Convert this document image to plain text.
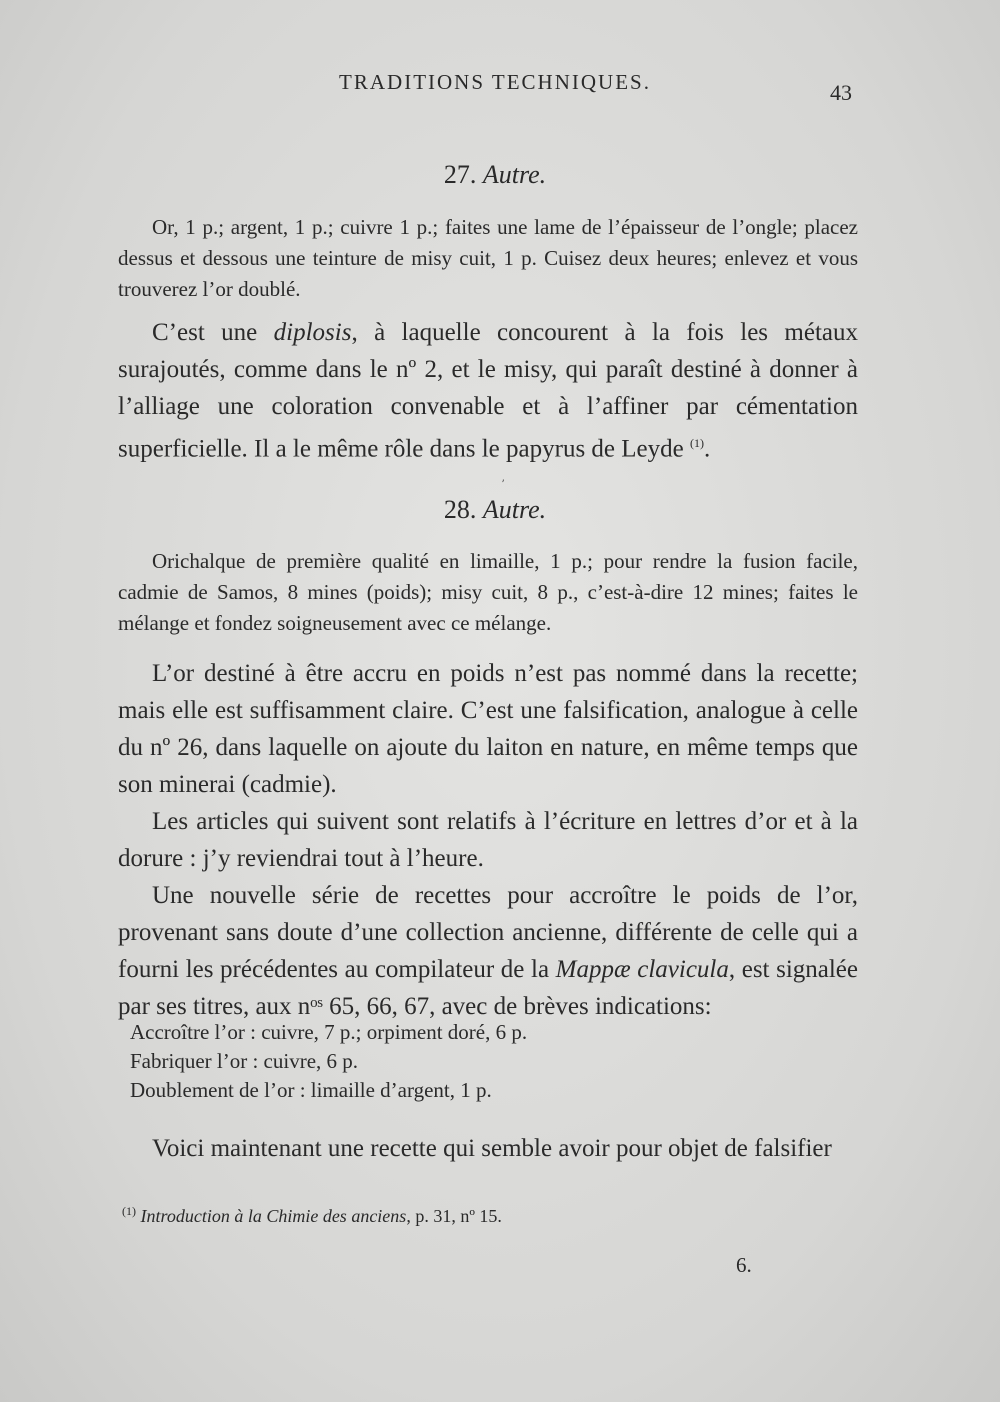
TRADITIONS TECHNIQUES.	43
27. Autre.

Or, 1 p.; argent, 1 p.; cuivre 1 p.; faites une lame de l’épaisseur de l’ongle; placez dessus et dessous une teinture de misy cuit, 1 p. Cuisez deux heures; enlevez et vous trouverez l’or doublé.

C’est une diplosis, à laquelle concourent à la fois les métaux surajoutés, comme dans le nº 2, et le misy, qui paraît destiné à donner à l’alliage une coloration convenable et à l’affiner par cémentation superficielle. Il a le même rôle dans le papyrus de Leyde $^{(1)}$.

ʼ
28. Autre.

Orichalque de première qualité en limaille, 1 p.; pour rendre la fusion facile, cadmie de Samos, 8 mines (poids); misy cuit, 8 p., c’est-à-dire 12 mines; faites le mélange et fondez soigneusement avec ce mélange.

L’or destiné à être accru en poids n’est pas nommé dans la recette; mais elle est suffisamment claire. C’est une falsification, analogue à celle du nº 26, dans laquelle on ajoute du laiton en nature, en même temps que son minerai (cadmie).

Les articles qui suivent sont relatifs à l’écriture en lettres d’or et à la dorure : j’y reviendrai tout à l’heure.

Une nouvelle série de recettes pour accroître le poids de l’or, provenant sans doute d’une collection ancienne, différente de celle qui a fourni les précédentes au compilateur de la Mappæ clavicula, est signalée par ses titres, aux nᵒˢ 65, 66, 67, avec de brèves indications:

Accroître l’or : cuivre, 7 p.; orpiment doré, 6 p.
Fabriquer l’or : cuivre, 6 p.
Doublement de l’or : limaille d’argent, 1 p.

Voici maintenant une recette qui semble avoir pour objet de falsifier

$^{(1)}$ Introduction à la Chimie des anciens, p. 31, nº 15.
6.
